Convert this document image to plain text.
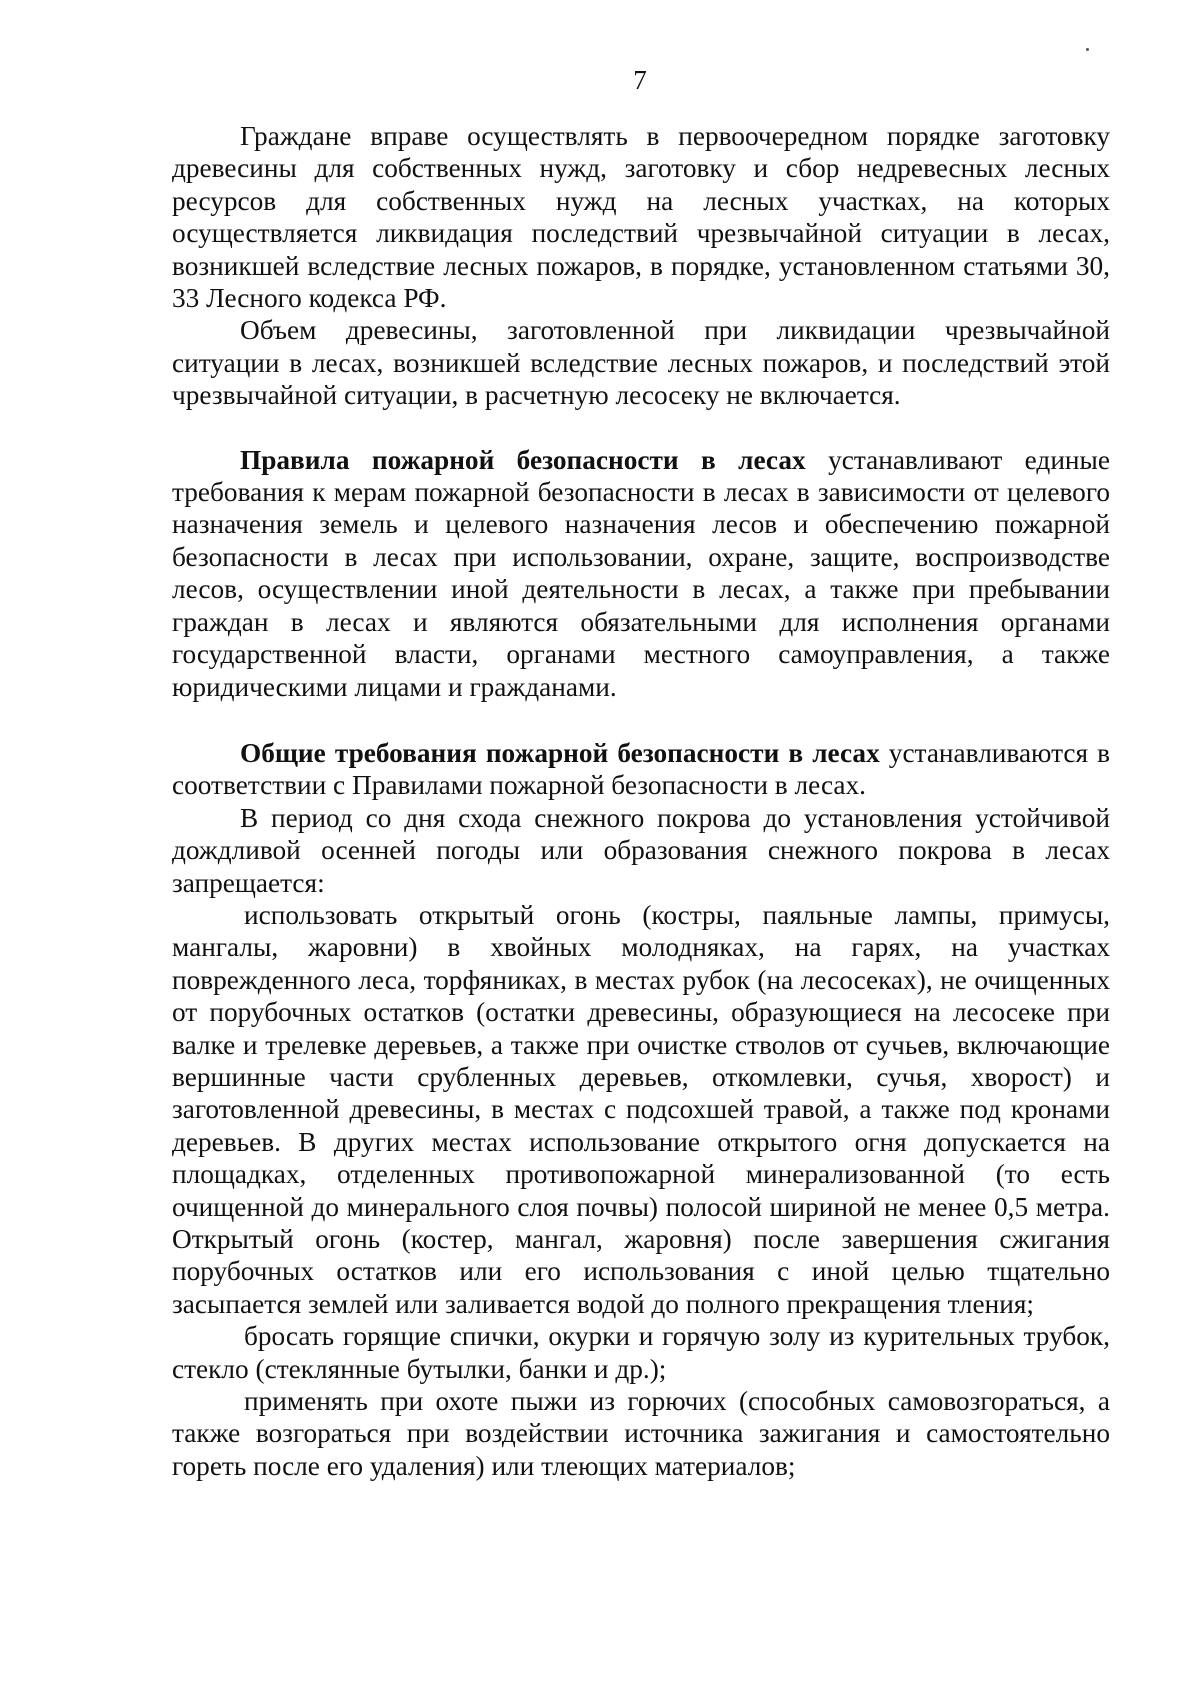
7

Граждане вправе осуществлять в первоочередном порядке заготовку древесины для собственных нужд, заготовку и сбор недревесных лесных ресурсов для собственных нужд на лесных участках, на которых осуществляется ликвидация последствий чрезвычайной ситуации в лесах, возникшей вследствие лесных пожаров, в порядке, установленном статьями 30, 33 Лесного кодекса РФ.

Объем древесины, заготовленной при ликвидации чрезвычайной ситуации в лесах, возникшей вследствие лесных пожаров, и последствий этой чрезвычайной ситуации, в расчетную лесосеку не включается.

Правила пожарной безопасности в лесах устанавливают единые требования к мерам пожарной безопасности в лесах в зависимости от целевого назначения земель и целевого назначения лесов и обеспечению пожарной безопасности в лесах при использовании, охране, защите, воспроизводстве лесов, осуществлении иной деятельности в лесах, а также при пребывании граждан в лесах и являются обязательными для исполнения органами государственной власти, органами местного самоуправления, а также юридическими лицами и гражданами.

Общие требования пожарной безопасности в лесах устанавливаются в соответствии с Правилами пожарной безопасности в лесах.

В период со дня схода снежного покрова до установления устойчивой дождливой осенней погоды или образования снежного покрова в лесах запрещается:

использовать открытый огонь (костры, паяльные лампы, примусы, мангалы, жаровни) в хвойных молодняках, на гарях, на участках поврежденного леса, торфяниках, в местах рубок (на лесосеках), не очищенных от порубочных остатков (остатки древесины, образующиеся на лесосеке при валке и трелевке деревьев, а также при очистке стволов от сучьев, включающие вершинные части срубленных деревьев, откомлевки, сучья, хворост) и заготовленной древесины, в местах с подсохшей травой, а также под кронами деревьев. В других местах использование открытого огня допускается на площадках, отделенных противопожарной минерализованной (то есть очищенной до минерального слоя почвы) полосой шириной не менее 0,5 метра. Открытый огонь (костер, мангал, жаровня) после завершения сжигания порубочных остатков или его использования с иной целью тщательно засыпается землей или заливается водой до полного прекращения тления;

бросать горящие спички, окурки и горячую золу из курительных трубок, стекло (стеклянные бутылки, банки и др.);

применять при охоте пыжи из горючих (способных самовозгораться, а также возгораться при воздействии источника зажигания и самостоятельно гореть после его удаления) или тлеющих материалов;
